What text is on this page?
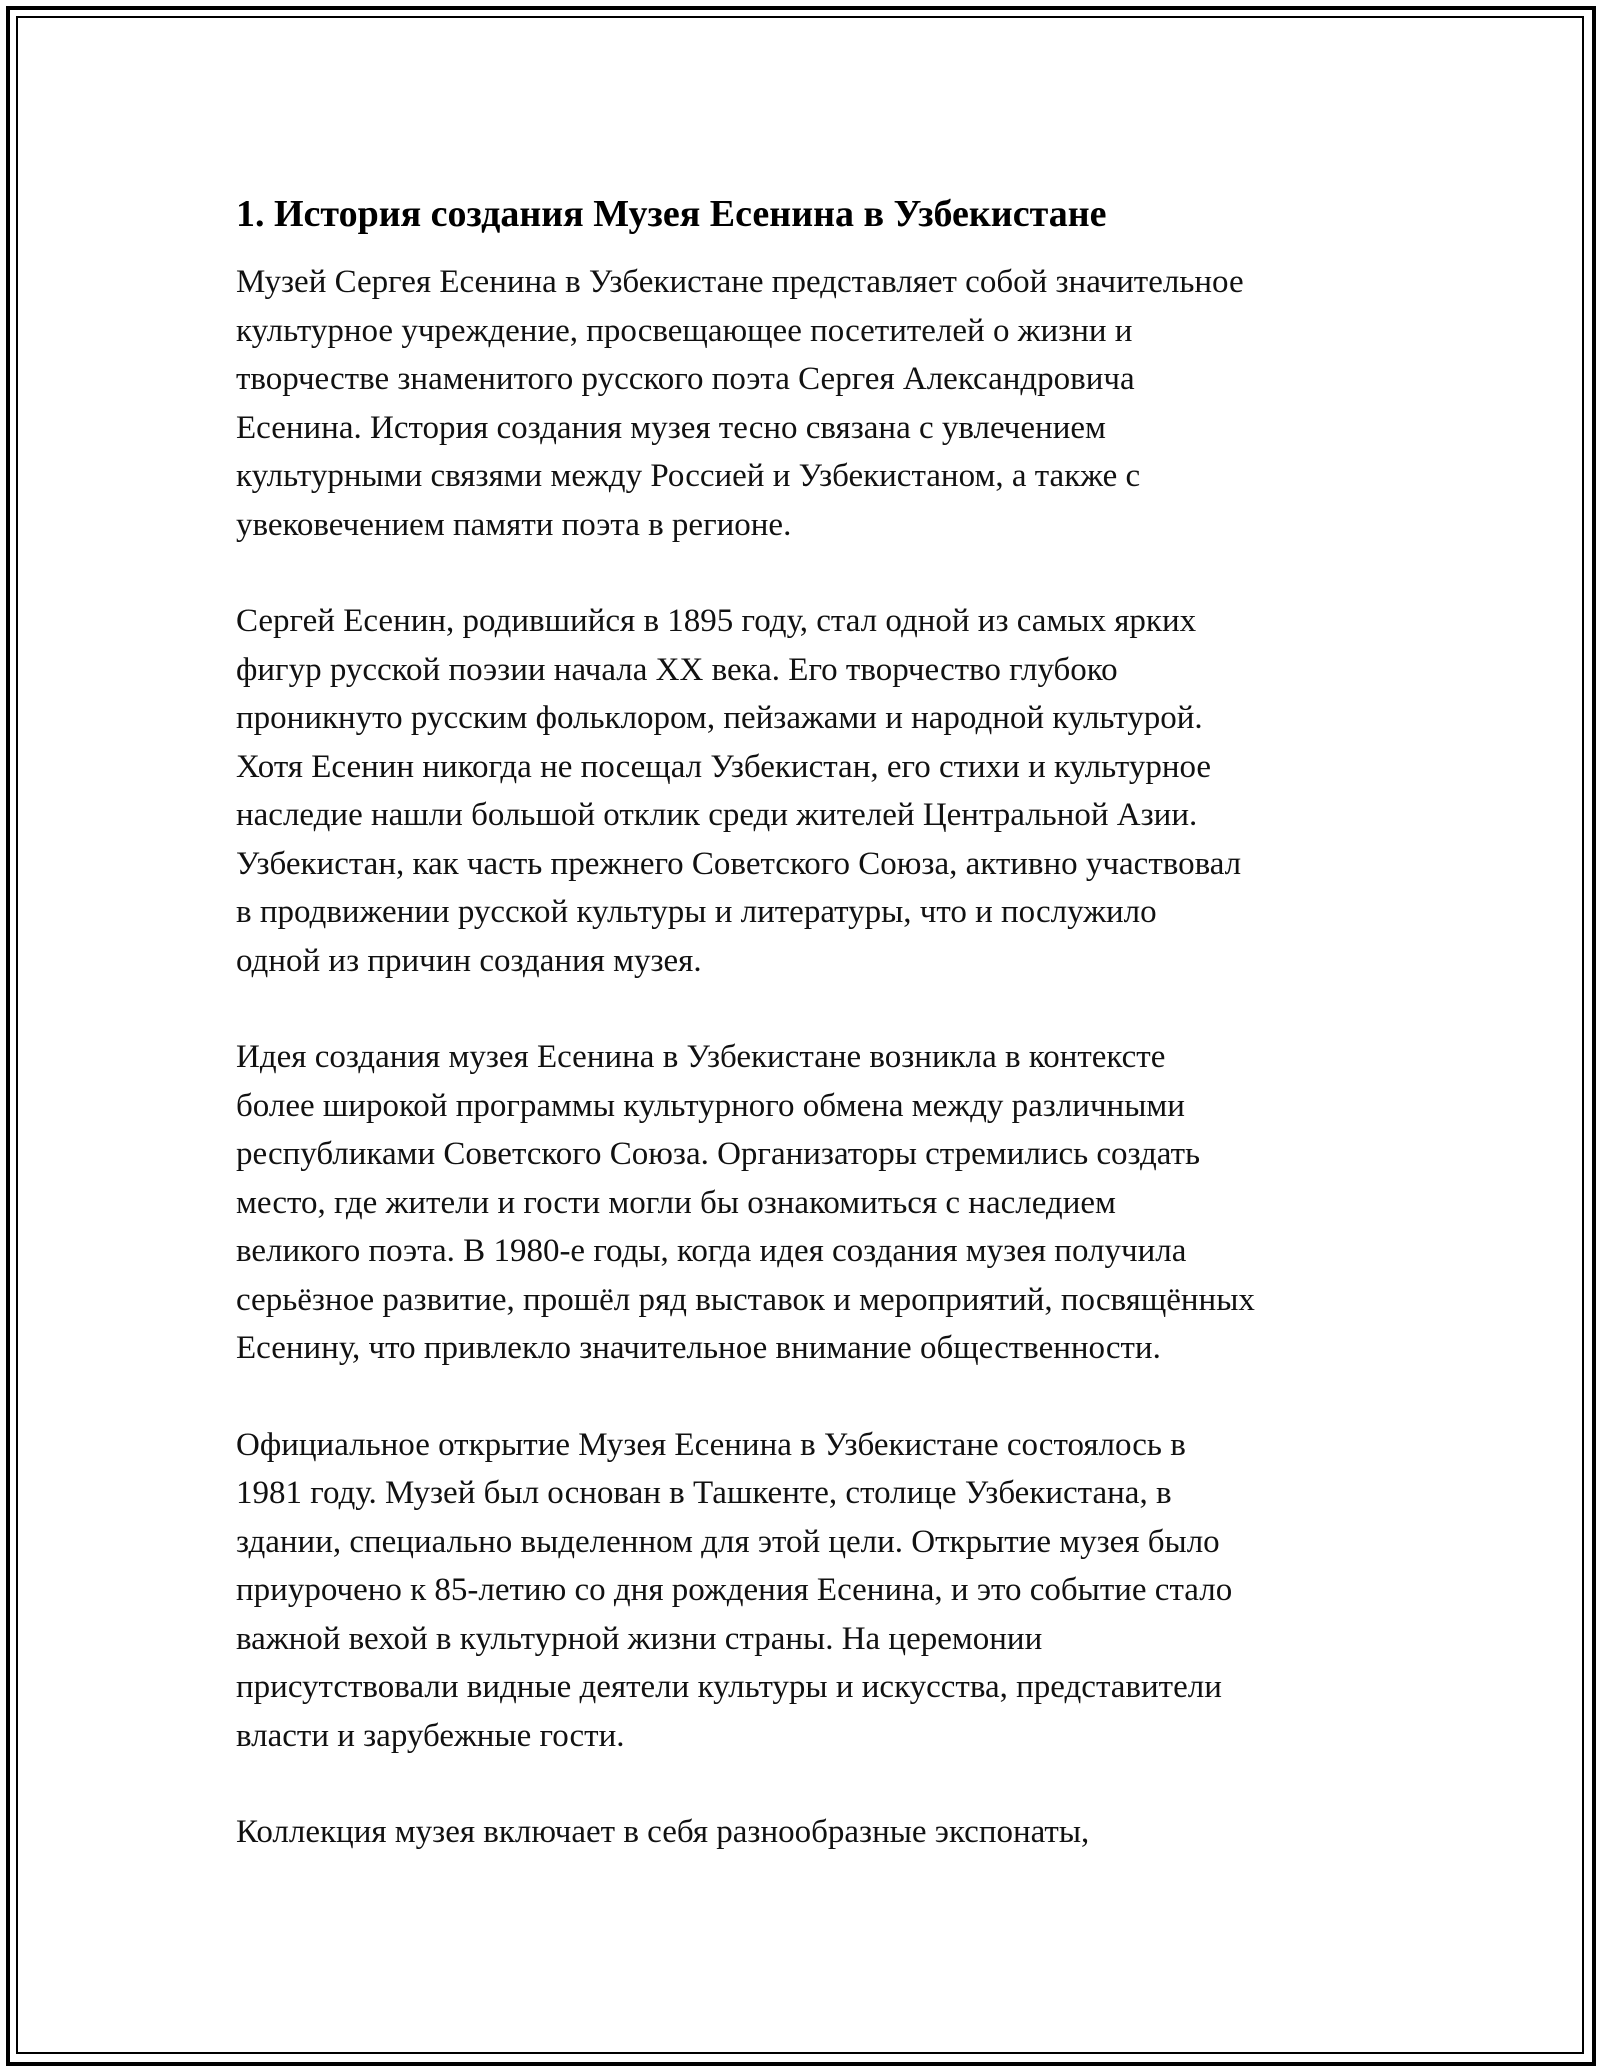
1. История создания Музея Есенина в Узбекистане

Музей Сергея Есенина в Узбекистане представляет собой значительное
культурное учреждение, просвещающее посетителей о жизни и
творчестве знаменитого русского поэта Сергея Александровича
Есенина. История создания музея тесно связана с увлечением
культурными связями между Россией и Узбекистаном, а также с
увековечением памяти поэта в регионе.

Сергей Есенин, родившийся в 1895 году, стал одной из самых ярких
фигур русской поэзии начала XX века. Его творчество глубоко
проникнуто русским фольклором, пейзажами и народной культурой.
Хотя Есенин никогда не посещал Узбекистан, его стихи и культурное
наследие нашли большой отклик среди жителей Центральной Азии.
Узбекистан, как часть прежнего Советского Союза, активно участвовал
в продвижении русской культуры и литературы, что и послужило
одной из причин создания музея.

Идея создания музея Есенина в Узбекистане возникла в контексте
более широкой программы культурного обмена между различными
республиками Советского Союза. Организаторы стремились создать
место, где жители и гости могли бы ознакомиться с наследием
великого поэта. В 1980-е годы, когда идея создания музея получила
серьёзное развитие, прошёл ряд выставок и мероприятий, посвящённых
Есенину, что привлекло значительное внимание общественности.

Официальное открытие Музея Есенина в Узбекистане состоялось в
1981 году. Музей был основан в Ташкенте, столице Узбекистана, в
здании, специально выделенном для этой цели. Открытие музея было
приурочено к 85-летию со дня рождения Есенина, и это событие стало
важной вехой в культурной жизни страны. На церемонии
присутствовали видные деятели культуры и искусства, представители
власти и зарубежные гости.

Коллекция музея включает в себя разнообразные экспонаты,
